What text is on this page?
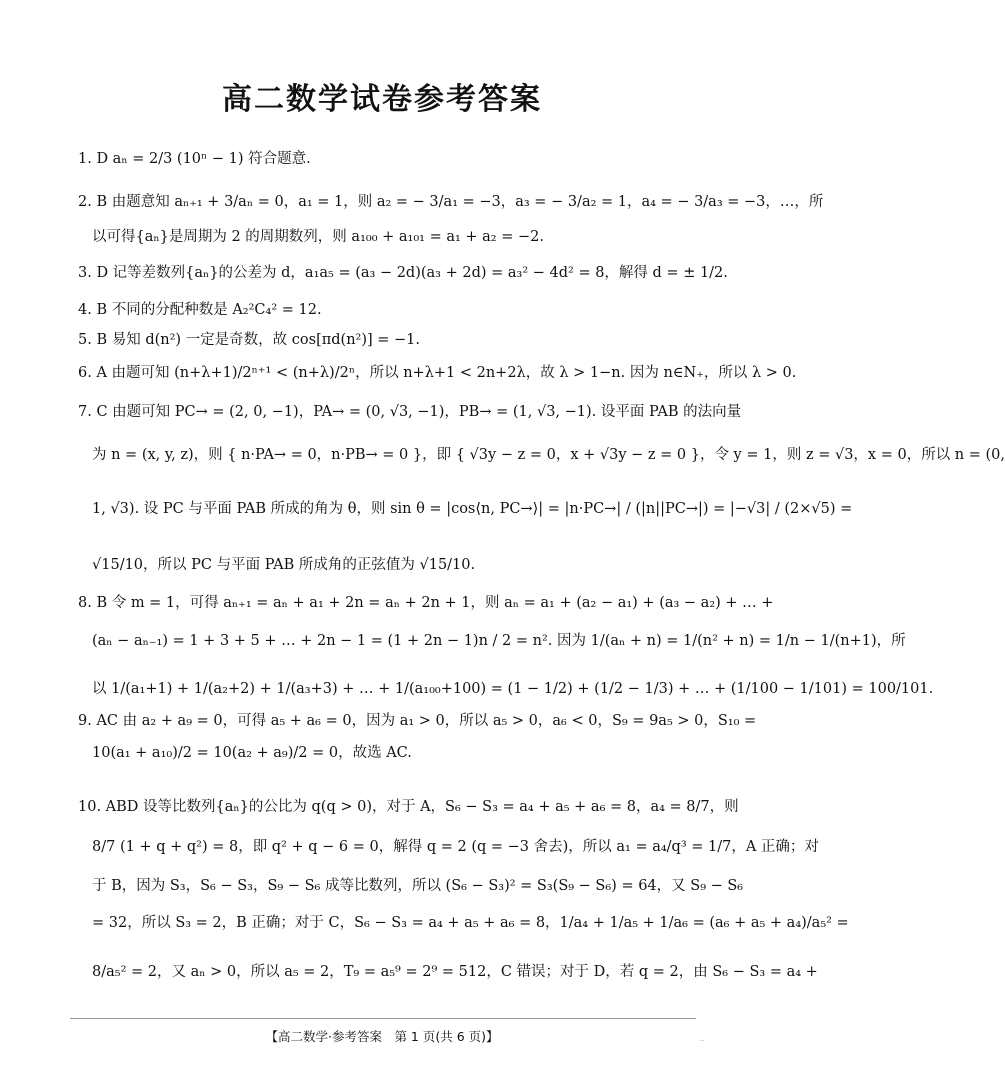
高二数学试卷参考答案
1. D aₙ = 2/3 (10ⁿ − 1) 符合题意.
2. B 由题意知 aₙ₊₁ + 3/aₙ = 0，a₁ = 1，则 a₂ = − 3/a₁ = −3，a₃ = − 3/a₂ = 1，a₄ = − 3/a₃ = −3，…，所
以可得{aₙ}是周期为 2 的周期数列，则 a₁₀₀ + a₁₀₁ = a₁ + a₂ = −2.
3. D 记等差数列{aₙ}的公差为 d，a₁a₅ = (a₃ − 2d)(a₃ + 2d) = a₃² − 4d² = 8，解得 d = ± 1/2.
4. B 不同的分配种数是 A₂²C₄² = 12.
5. B 易知 d(n²) 一定是奇数，故 cos[πd(n²)] = −1.
6. A 由题可知 (n+λ+1)/2ⁿ⁺¹ < (n+λ)/2ⁿ，所以 n+λ+1 < 2n+2λ，故 λ > 1−n. 因为 n∈N₊，所以 λ > 0.
7. C 由题可知 PC→ = (2, 0, −1)，PA→ = (0, √3, −1)，PB→ = (1, √3, −1). 设平面 PAB 的法向量
为 n = (x, y, z)，则 { n·PA→ = 0，n·PB→ = 0 }，即 { √3y − z = 0，x + √3y − z = 0 }，令 y = 1，则 z = √3，x = 0，所以 n = (0,
1, √3). 设 PC 与平面 PAB 所成的角为 θ，则 sin θ = |cos⟨n, PC→⟩| = |n·PC→| / (|n||PC→|) = |−√3| / (2×√5) =
√15/10，所以 PC 与平面 PAB 所成角的正弦值为 √15/10.
8. B 令 m = 1，可得 aₙ₊₁ = aₙ + a₁ + 2n = aₙ + 2n + 1，则 aₙ = a₁ + (a₂ − a₁) + (a₃ − a₂) + … +
(aₙ − aₙ₋₁) = 1 + 3 + 5 + … + 2n − 1 = (1 + 2n − 1)n / 2 = n². 因为 1/(aₙ + n) = 1/(n² + n) = 1/n − 1/(n+1)，所
以 1/(a₁+1) + 1/(a₂+2) + 1/(a₃+3) + … + 1/(a₁₀₀+100) = (1 − 1/2) + (1/2 − 1/3) + … + (1/100 − 1/101) = 100/101.
9. AC 由 a₂ + a₉ = 0，可得 a₅ + a₆ = 0，因为 a₁ > 0，所以 a₅ > 0，a₆ < 0，S₉ = 9a₅ > 0，S₁₀ =
10(a₁ + a₁₀)/2 = 10(a₂ + a₉)/2 = 0，故选 AC.
10. ABD 设等比数列{aₙ}的公比为 q(q > 0)，对于 A，S₆ − S₃ = a₄ + a₅ + a₆ = 8，a₄ = 8/7，则
8/7 (1 + q + q²) = 8，即 q² + q − 6 = 0，解得 q = 2 (q = −3 舍去)，所以 a₁ = a₄/q³ = 1/7，A 正确；对
于 B，因为 S₃，S₆ − S₃，S₉ − S₆ 成等比数列，所以 (S₆ − S₃)² = S₃(S₉ − S₆) = 64，又 S₉ − S₆
= 32，所以 S₃ = 2，B 正确；对于 C，S₆ − S₃ = a₄ + a₅ + a₆ = 8，1/a₄ + 1/a₅ + 1/a₆ = (a₆ + a₅ + a₄)/a₅² =
8/a₅² = 2，又 aₙ > 0，所以 a₅ = 2，T₉ = a₅⁹ = 2⁹ = 512，C 错误；对于 D，若 q = 2，由 S₆ − S₃ = a₄ +
【高二数学·参考答案　第 1 页(共 6 页)】	..
